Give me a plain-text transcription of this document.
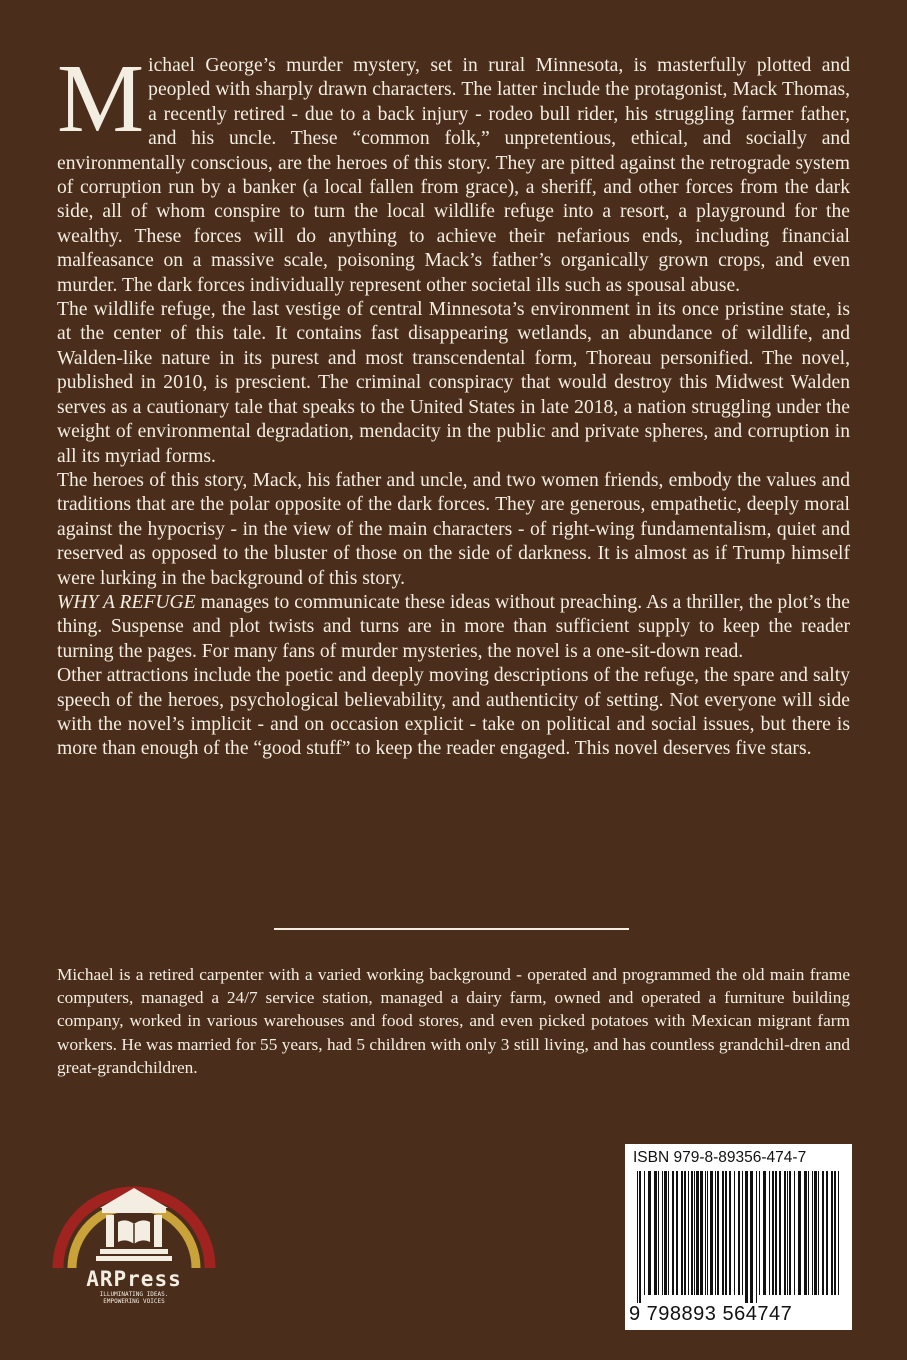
M ichael George’s murder mystery, set in rural Minnesota, is masterfully plotted and peopled with sharply drawn characters. The latter include the protagonist, Mack Thomas, a recently retired - due to a back injury - rodeo bull rider, his struggling farmer father, and his uncle. These “common folk,” unpretentious, ethical, and socially and environmentally conscious, are the heroes of this story. They are pitted against the retrograde system of corruption run by a banker (a local fallen from grace), a sheriff, and other forces from the dark side, all of whom conspire to turn the local wildlife refuge into a resort, a playground for the wealthy. These forces will do anything to achieve their nefarious ends, including financial malfeasance on a massive scale, poisoning Mack’s father’s organically grown crops, and even murder. The dark forces individually represent other societal ills such as spousal abuse.

The wildlife refuge, the last vestige of central Minnesota’s environment in its once pristine state, is at the center of this tale. It contains fast disappearing wetlands, an abundance of wildlife, and Walden-like nature in its purest and most transcendental form, Thoreau personified. The novel, published in 2010, is prescient. The criminal conspiracy that would destroy this Midwest Walden serves as a cautionary tale that speaks to the United States in late 2018, a nation struggling under the weight of environmental degradation, mendacity in the public and private spheres, and corruption in all its myriad forms.

The heroes of this story, Mack, his father and uncle, and two women friends, embody the values and traditions that are the polar opposite of the dark forces. They are generous, empathetic, deeply moral against the hypocrisy - in the view of the main characters - of right-wing fundamentalism, quiet and reserved as opposed to the bluster of those on the side of darkness. It is almost as if Trump himself were lurking in the background of this story.

WHY A REFUGE manages to communicate these ideas without preaching. As a thriller, the plot’s the thing. Suspense and plot twists and turns are in more than sufficient supply to keep the reader turning the pages. For many fans of murder mysteries, the novel is a one-sit-down read.

Other attractions include the poetic and deeply moving descriptions of the refuge, the spare and salty speech of the heroes, psychological believability, and authenticity of setting. Not everyone will side with the novel’s implicit - and on occasion explicit - take on political and social issues, but there is more than enough of the “good stuff” to keep the reader engaged. This novel deserves five stars.

Michael is a retired carpenter with a varied working background - operated and programmed the old main frame computers, managed a 24/7 service station, managed a dairy farm, owned and operated a furniture building company, worked in various warehouses and food stores, and even picked potatoes with Mexican migrant farm workers. He was married for 55 years, had 5 children with only 3 still living, and has countless grandchil-dren and great-grandchildren.

ARPress
ILLUMINATING IDEAS.
EMPOWERING VOICES
ISBN 979-8-89356-474-7
9 798893 564747
